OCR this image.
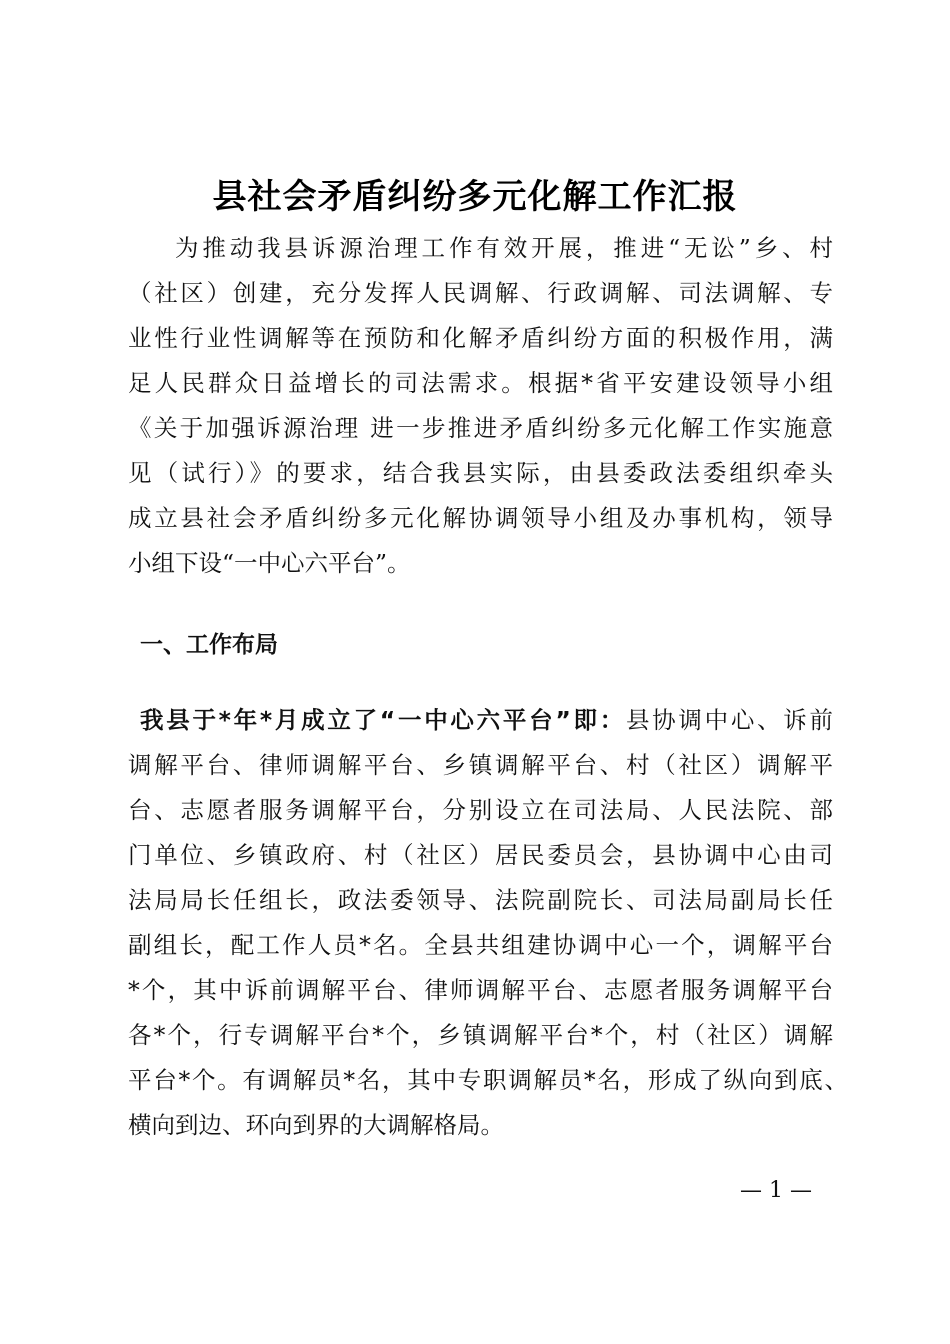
县社会矛盾纠纷多元化解工作汇报
为推动我县诉源治理工作有效开展，推进“无讼”乡、村
（社区）创建，充分发挥人民调解、行政调解、司法调解、专
业性行业性调解等在预防和化解矛盾纠纷方面的积极作用，满
足人民群众日益增长的司法需求。根据*省平安建设领导小组
《关于加强诉源治理 进一步推进矛盾纠纷多元化解工作实施意
见（试行）》的要求，结合我县实际，由县委政法委组织牵头
成立县社会矛盾纠纷多元化解协调领导小组及办事机构，领导
小组下设“一中心六平台”。
一、工作布局
我县于*年*月成立了“一中心六平台”即：县协调中心、诉前
调解平台、律师调解平台、乡镇调解平台、村（社区）调解平
台、志愿者服务调解平台，分别设立在司法局、人民法院、部
门单位、乡镇政府、村（社区）居民委员会，县协调中心由司
法局局长任组长，政法委领导、法院副院长、司法局副局长任
副组长，配工作人员*名。全县共组建协调中心一个，调解平台
*个，其中诉前调解平台、律师调解平台、志愿者服务调解平台
各*个，行专调解平台*个，乡镇调解平台*个，村（社区）调解
平台*个。有调解员*名，其中专职调解员*名，形成了纵向到底、
横向到边、环向到界的大调解格局。
— 1 —
